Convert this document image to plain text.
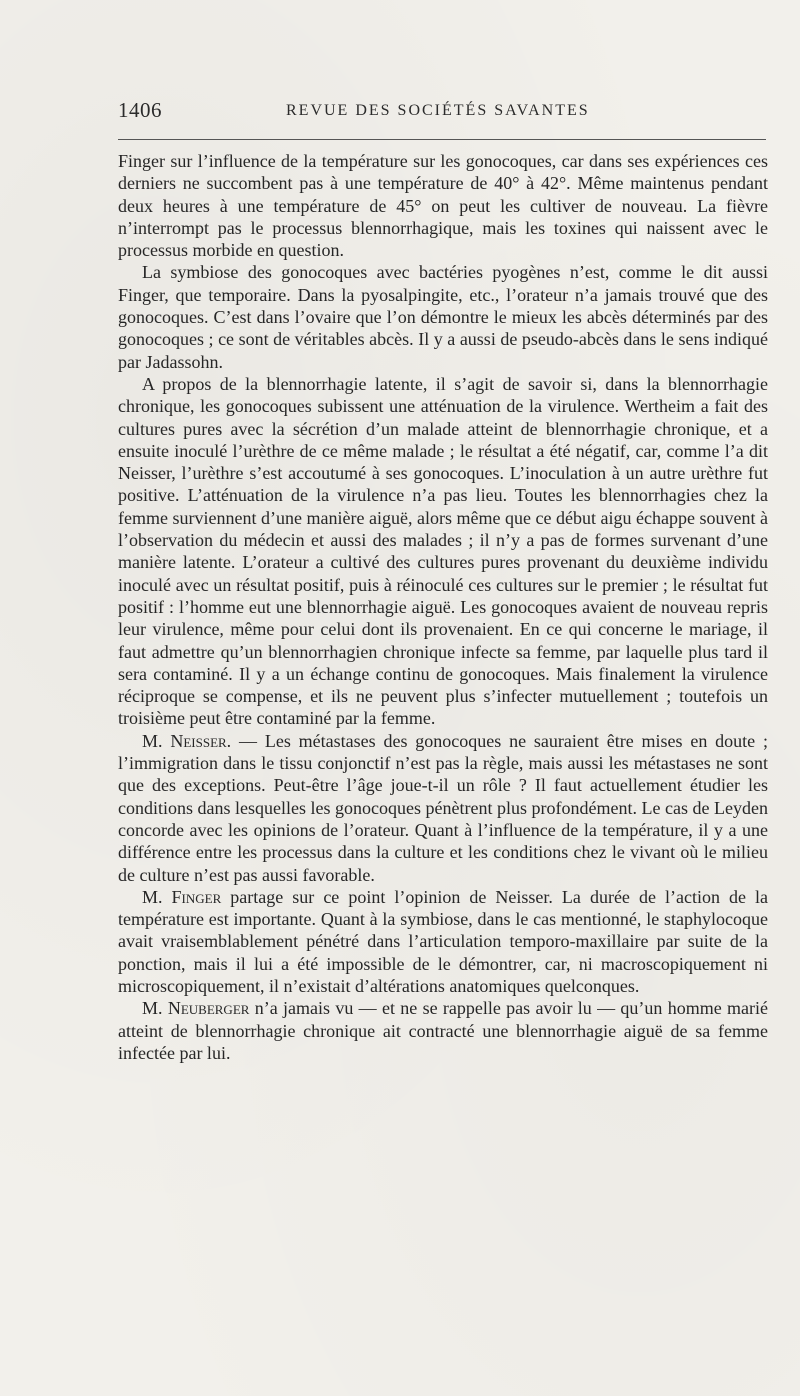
1406	REVUE DES SOCIÉTÉS SAVANTES

Finger sur l’influence de la température sur les gonocoques, car dans ses expériences ces derniers ne succombent pas à une température de 40° à 42°. Même maintenus pendant deux heures à une température de 45° on peut les cultiver de nouveau. La fièvre n’interrompt pas le processus blennorrhagique, mais les toxines qui naissent avec le processus morbide en question.

La symbiose des gonocoques avec bactéries pyogènes n’est, comme le dit aussi Finger, que temporaire. Dans la pyosalpingite, etc., l’orateur n’a jamais trouvé que des gonocoques. C’est dans l’ovaire que l’on démontre le mieux les abcès déterminés par des gonocoques ; ce sont de véritables abcès. Il y a aussi de pseudo-abcès dans le sens indiqué par Jadassohn.

A propos de la blennorrhagie latente, il s’agit de savoir si, dans la blennorrhagie chronique, les gonocoques subissent une atténuation de la virulence. Wertheim a fait des cultures pures avec la sécrétion d’un malade atteint de blennorrhagie chronique, et a ensuite inoculé l’urèthre de ce même malade ; le résultat a été négatif, car, comme l’a dit Neisser, l’urèthre s’est accoutumé à ses gonocoques. L’inoculation à un autre urèthre fut positive. L’atténuation de la virulence n’a pas lieu. Toutes les blennorrhagies chez la femme surviennent d’une manière aiguë, alors même que ce début aigu échappe souvent à l’observation du médecin et aussi des malades ; il n’y a pas de formes survenant d’une manière latente. L’orateur a cultivé des cultures pures provenant du deuxième individu inoculé avec un résultat positif, puis à réinoculé ces cultures sur le premier ; le résultat fut positif : l’homme eut une blennorrhagie aiguë. Les gonocoques avaient de nouveau repris leur virulence, même pour celui dont ils provenaient. En ce qui concerne le mariage, il faut admettre qu’un blennorrhagien chronique infecte sa femme, par laquelle plus tard il sera contaminé. Il y a un échange continu de gonocoques. Mais finalement la virulence réciproque se compense, et ils ne peuvent plus s’infecter mutuellement ; toutefois un troisième peut être contaminé par la femme.

M. Neisser. — Les métastases des gonocoques ne sauraient être mises en doute ; l’immigration dans le tissu conjonctif n’est pas la règle, mais aussi les métastases ne sont que des exceptions. Peut-être l’âge joue-t-il un rôle ? Il faut actuellement étudier les conditions dans lesquelles les gonocoques pénètrent plus profondément. Le cas de Leyden concorde avec les opinions de l’orateur. Quant à l’influence de la température, il y a une différence entre les processus dans la culture et les conditions chez le vivant où le milieu de culture n’est pas aussi favorable.

M. Finger partage sur ce point l’opinion de Neisser. La durée de l’action de la température est importante. Quant à la symbiose, dans le cas mentionné, le staphylocoque avait vraisemblablement pénétré dans l’articulation temporo-maxillaire par suite de la ponction, mais il lui a été impossible de le démontrer, car, ni macroscopiquement ni microscopiquement, il n’existait d’altérations anatomiques quelconques.

M. Neuberger n’a jamais vu — et ne se rappelle pas avoir lu — qu’un homme marié atteint de blennorrhagie chronique ait contracté une blennorrhagie aiguë de sa femme infectée par lui.
